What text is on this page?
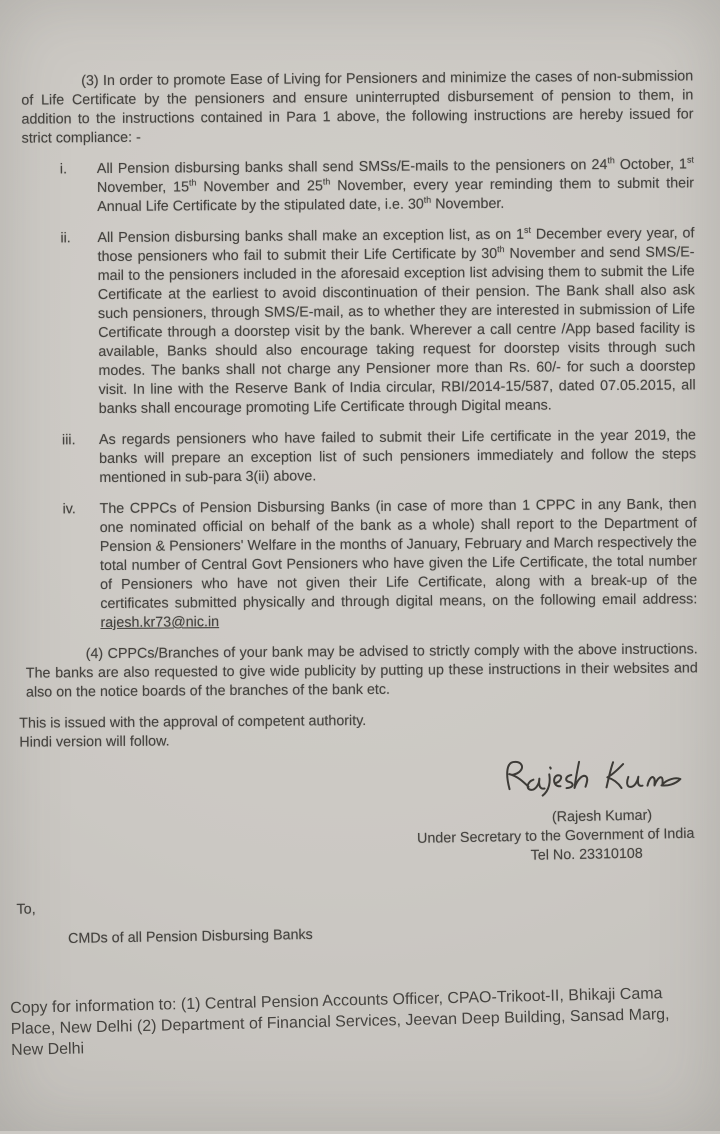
(3) In order to promote Ease of Living for Pensioners and minimize the cases of non-submission of Life Certificate by the pensioners and ensure uninterrupted disbursement of pension to them, in addition to the instructions contained in Para 1 above, the following instructions are hereby issued for strict compliance: -

i.	All Pension disbursing banks shall send SMSs/E-mails to the pensioners on 24th October, 1st November, 15th November and 25th November, every year reminding them to submit their Annual Life Certificate by the stipulated date, i.e. 30th November.
ii.	All Pension disbursing banks shall make an exception list, as on 1st December every year, of those pensioners who fail to submit their Life Certificate by 30th November and send SMS/E-mail to the pensioners included in the aforesaid exception list advising them to submit the Life Certificate at the earliest to avoid discontinuation of their pension. The Bank shall also ask such pensioners, through SMS/E-mail, as to whether they are interested in submission of Life Certificate through a doorstep visit by the bank. Wherever a call centre /App based facility is available, Banks should also encourage taking request for doorstep visits through such modes. The banks shall not charge any Pensioner more than Rs. 60/- for such a doorstep visit. In line with the Reserve Bank of India circular, RBI/2014-15/587, dated 07.05.2015, all banks shall encourage promoting Life Certificate through Digital means.
iii.	As regards pensioners who have failed to submit their Life certificate in the year 2019, the banks will prepare an exception list of such pensioners immediately and follow the steps mentioned in sub-para 3(ii) above.
iv.	The CPPCs of Pension Disbursing Banks (in case of more than 1 CPPC in any Bank, then one nominated official on behalf of the bank as a whole) shall report to the Department of Pension & Pensioners' Welfare in the months of January, February and March respectively the total number of Central Govt Pensioners who have given the Life Certificate, the total number of Pensioners who have not given their Life Certificate, along with a break-up of the certificates submitted physically and through digital means, on the following email address: rajesh.kr73@nic.in

(4) CPPCs/Branches of your bank may be advised to strictly comply with the above instructions. The banks are also requested to give wide publicity by putting up these instructions in their websites and also on the notice boards of the branches of the bank etc.

This is issued with the approval of competent authority.
Hindi version will follow.
(Rajesh Kumar)
Under Secretary to the Government of India
Tel No. 23310108
To,
CMDs of all Pension Disbursing Banks
Copy for information to: (1) Central Pension Accounts Officer, CPAO-Trikoot-II, Bhikaji Cama Place, New Delhi (2) Department of Financial Services, Jeevan Deep Building, Sansad Marg, New Delhi
